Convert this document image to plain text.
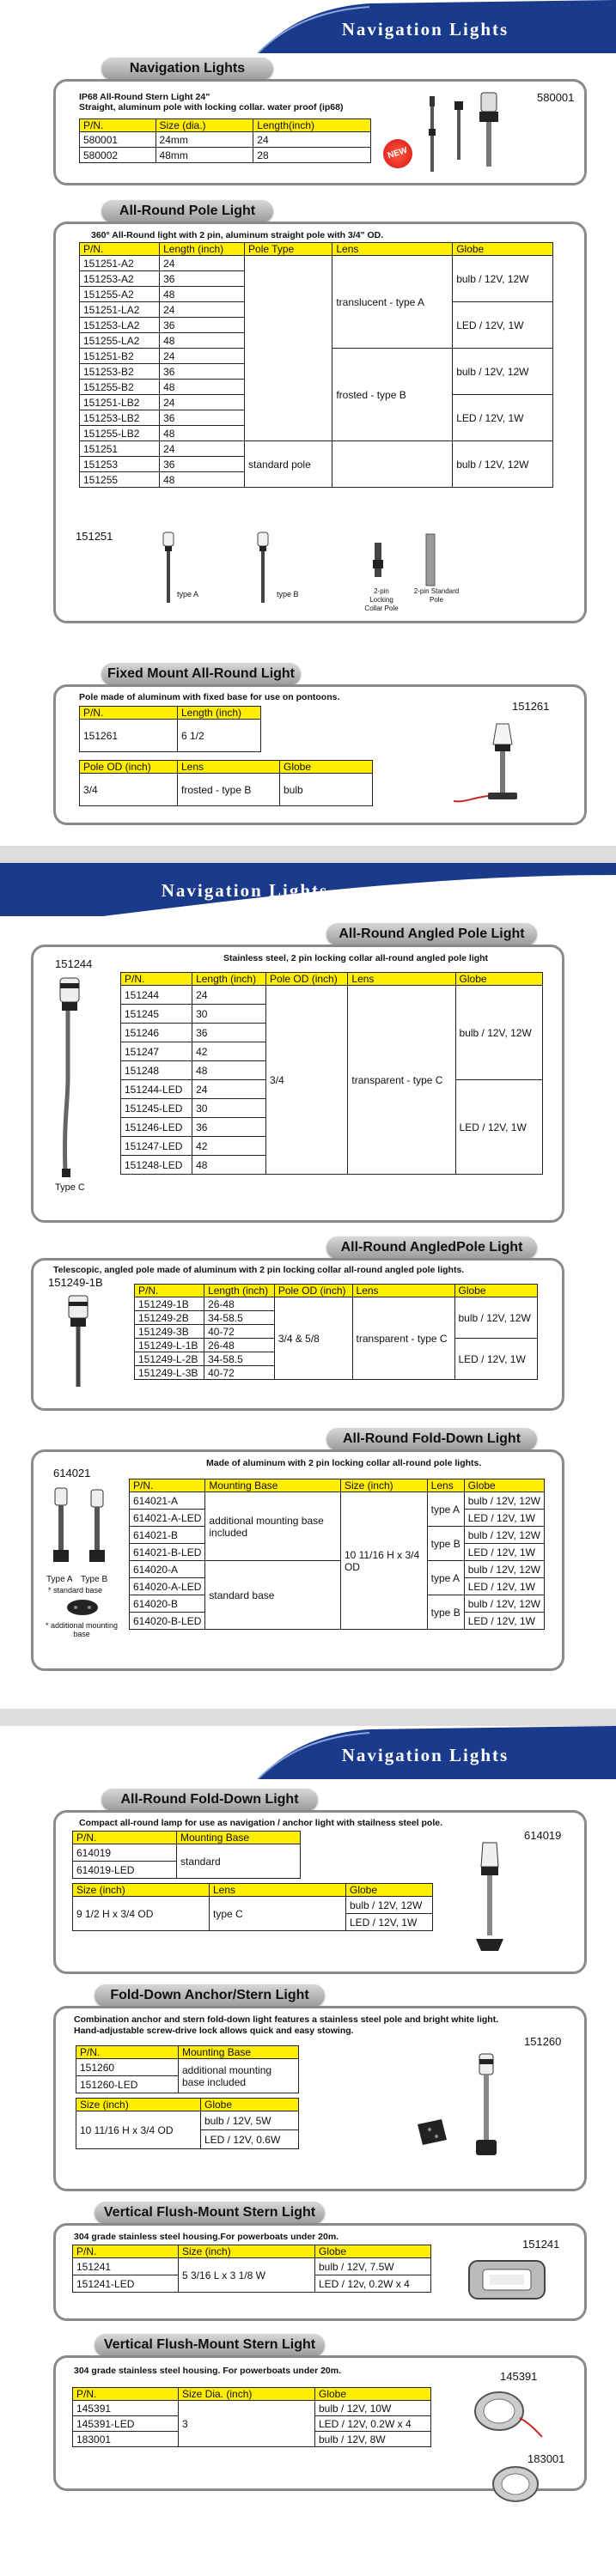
Navigation Lights
Navigation Lights
IP68 All-Round Stern Light 24"
Straight, aluminum pole with locking collar. water proof (ip68)
580001
P/N.	Size (dia.)	Length(inch)
580001	24mm	24
580002	48mm	28	NEW
All-Round Pole Light
360° All-Round light with 2 pin, aluminum straight pole with 3/4" OD.
P/N.	Length (inch)	Pole Type	Lens	Globe
151251-A2	24		translucent - type A	bulb / 12V, 12W
151253-A2	36			
151255-A2	48			
151251-LA2	24			LED / 12V, 1W
151253-LA2	36			
151255-LA2	48			
151251-B2	24		frosted - type B	bulb / 12V, 12W
151253-B2	36			
151255-B2	48			
151251-LB2	24			LED / 12V, 1W
151253-LB2	36			
151255-LB2	48			
151251	24	standard pole		bulb / 12V, 12W
151253	36			
151255	48			
151251
type A	type B	2-pin Locking Collar Pole
2-pin Standard Pole
Fixed Mount All-Round Light
Pole made of aluminum with fixed base for use on pontoons.
151261
P/N.	Length (inch)
151261	6 1/2
Pole OD (inch)	Lens	Globe
3/4	frosted - type B	bulb
Navigation Lights
All-Round Angled Pole Light
Stainless steel, 2 pin locking collar all-round angled pole light
151244
Type C
P/N.	Length (inch)	Pole OD (inch)	Lens	Globe
151244	24	3/4	transparent - type C	bulb / 12V, 12W
151245	30			
151246	36			
151247	42			
151248	48			
151244-LED	24			LED / 12V, 1W
151245-LED	30			
151246-LED	36			
151247-LED	42			
151248-LED	48			
All-Round AngledPole Light
Telescopic, angled pole made of aluminum with 2 pin locking collar all-round angled pole lights.
151249-1B
P/N.	Length (inch)	Pole OD (inch)	Lens	Globe
151249-1B	26-48	3/4 & 5/8	transparent - type C	bulb / 12V, 12W
151249-2B	34-58.5			
151249-3B	40-72			
151249-L-1B	26-48			LED / 12V, 1W
151249-L-2B	34-58.5			
151249-L-3B	40-72			
All-Round Fold-Down Light
Made of aluminum with 2 pin locking collar all-round pole lights.
614021
Type A Type B
* standard base
* additional mounting base
P/N.	Mounting Base	Size (inch)	Lens	Globe
614021-A	additional mounting base included	10 11/16 H x 3/4 OD	type A	bulb / 12V, 12W
614021-A-LED				LED / 12V, 1W
614021-B			type B	bulb / 12V, 12W
614021-B-LED				LED / 12V, 1W
614020-A	standard base		type A	bulb / 12V, 12W
614020-A-LED				LED / 12V, 1W
614020-B			type B	bulb / 12V, 12W
614020-B-LED				LED / 12V, 1W
Navigation Lights
All-Round Fold-Down Light
Compact all-round lamp for use as navigation / anchor light with stailness steel pole.
614019
P/N.	Mounting Base
614019	standard
614019-LED	
Size (inch)	Lens	Globe
9 1/2 H x 3/4 OD	type C	bulb / 12V, 12W
		LED / 12V, 1W
Fold-Down Anchor/Stern Light
Combination anchor and stern fold-down light features a stainless steel pole and bright white light. Hand-adjustable screw-drive lock allows quick and easy stowing.
151260
P/N.	Mounting Base
151260	additional mounting base included
151260-LED	
Size (inch)	Globe
10 11/16 H x 3/4 OD	bulb / 12V, 5W
	LED / 12V, 0.6W
Vertical Flush-Mount Stern Light
304 grade stainless steel housing.For powerboats under 20m.
151241
P/N.	Size (inch)	Globe
151241	5 3/16 L x 3 1/8 W	bulb / 12V, 7.5W
151241-LED		LED / 12v, 0.2W x 4
Vertical Flush-Mount Stern Light
304 grade stainless steel housing. For powerboats under 20m.	145391
183001
P/N.	Size Dia. (inch)	Globe
145391	3	bulb / 12V, 10W
145391-LED		LED / 12V, 0.2W x 4
183001		bulb / 12V, 8W
